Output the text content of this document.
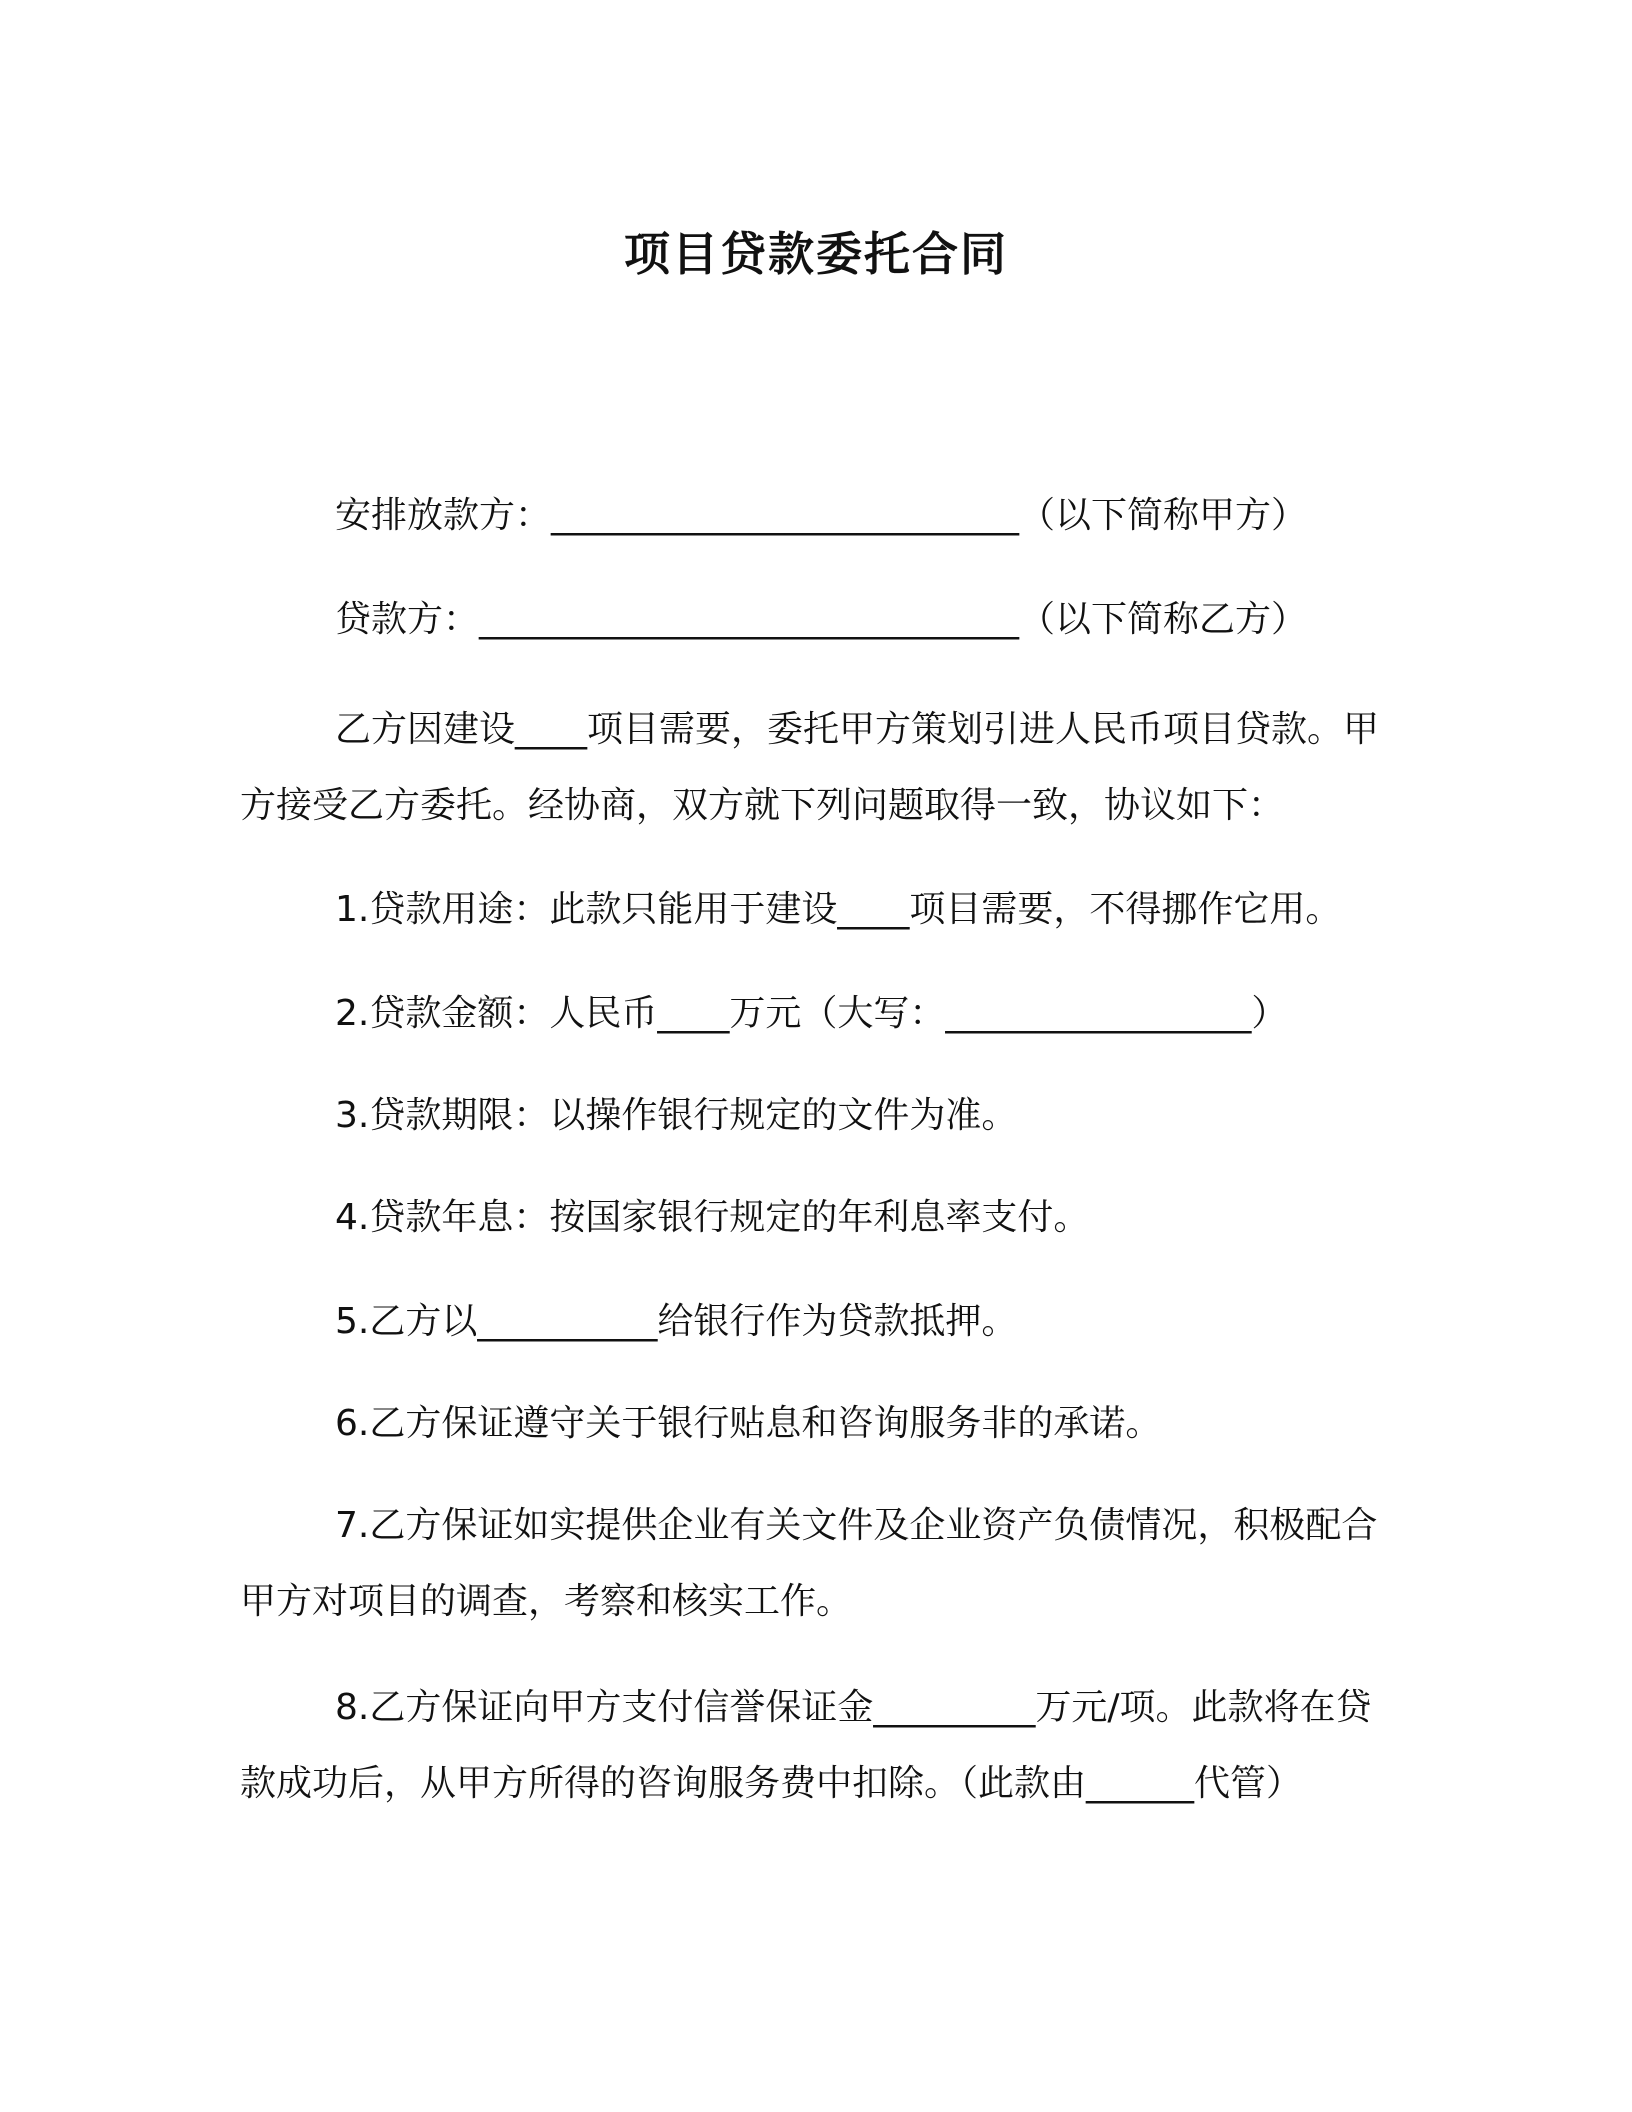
项目贷款委托合同
安排放款方：__________________________（以下简称甲方）
贷款方：______________________________（以下简称乙方）
乙方因建设____项目需要，委托甲方策划引进人民币项目贷款。甲方接受乙方委托。经协商，双方就下列问题取得一致，协议如下：
1.贷款用途：此款只能用于建设____项目需要，不得挪作它用。
2.贷款金额：人民币____万元（大写：_________________）
3.贷款期限：以操作银行规定的文件为准。
4.贷款年息：按国家银行规定的年利息率支付。
5.乙方以__________给银行作为贷款抵押。
6.乙方保证遵守关于银行贴息和咨询服务非的承诺。
7.乙方保证如实提供企业有关文件及企业资产负债情况，积极配合甲方对项目的调查，考察和核实工作。
8.乙方保证向甲方支付信誉保证金_________万元/项。此款将在贷款成功后，从甲方所得的咨询服务费中扣除。（此款由______代管）
